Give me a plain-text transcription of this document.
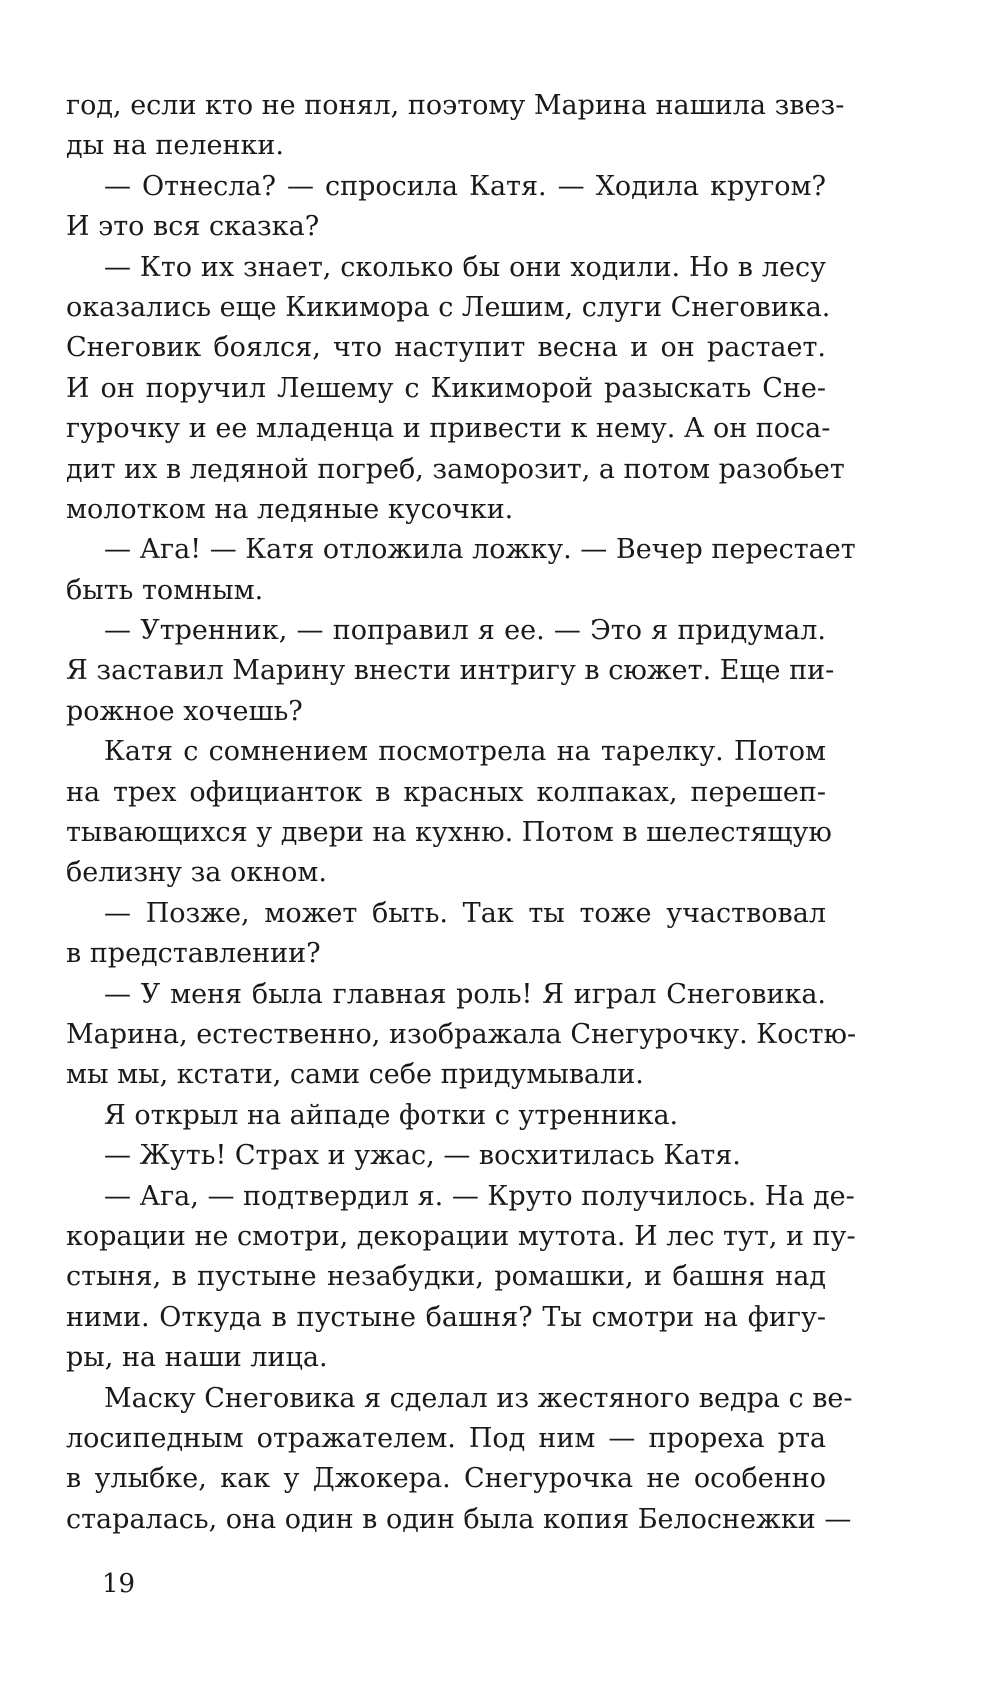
год, если кто не понял, поэтому Марина нашила звез-
ды на пеленки.
— Отнесла? — спросила Катя. — Ходила кругом?
И это вся сказка?
— Кто их знает, сколько бы они ходили. Но в лесу
оказались еще Кикимора с Лешим, слуги Снеговика.
Снеговик боялся, что наступит весна и он растает.
И он поручил Лешему с Кикиморой разыскать Сне-
гурочку и ее младенца и привести к нему. А он поса-
дит их в ледяной погреб, заморозит, а потом разобьет
молотком на ледяные кусочки.
— Ага! — Катя отложила ложку. — Вечер перестает
быть томным.
— Утренник, — поправил я ее. — Это я придумал.
Я заставил Марину внести интригу в сюжет. Еще пи-
рожное хочешь?
Катя с сомнением посмотрела на тарелку. Потом
на трех официанток в красных колпаках, перешеп-
тывающихся у двери на кухню. Потом в шелестящую
белизну за окном.
— Позже, может быть. Так ты тоже участвовал
в представлении?
— У меня была главная роль! Я играл Снеговика.
Марина, естественно, изображала Снегурочку. Костю-
мы мы, кстати, сами себе придумывали.
Я открыл на айпаде фотки с утренника.
— Жуть! Страх и ужас, — восхитилась Катя.
— Ага, — подтвердил я. — Круто получилось. На де-
корации не смотри, декорации мутота. И лес тут, и пу-
стыня, в пустыне незабудки, ромашки, и башня над
ними. Откуда в пустыне башня? Ты смотри на фигу-
ры, на наши лица.
Маску Снеговика я сделал из жестяного ведра с ве-
лосипедным отражателем. Под ним — прореха рта
в улыбке, как у Джокера. Снегурочка не особенно
старалась, она один в один была копия Белоснежки —
19
